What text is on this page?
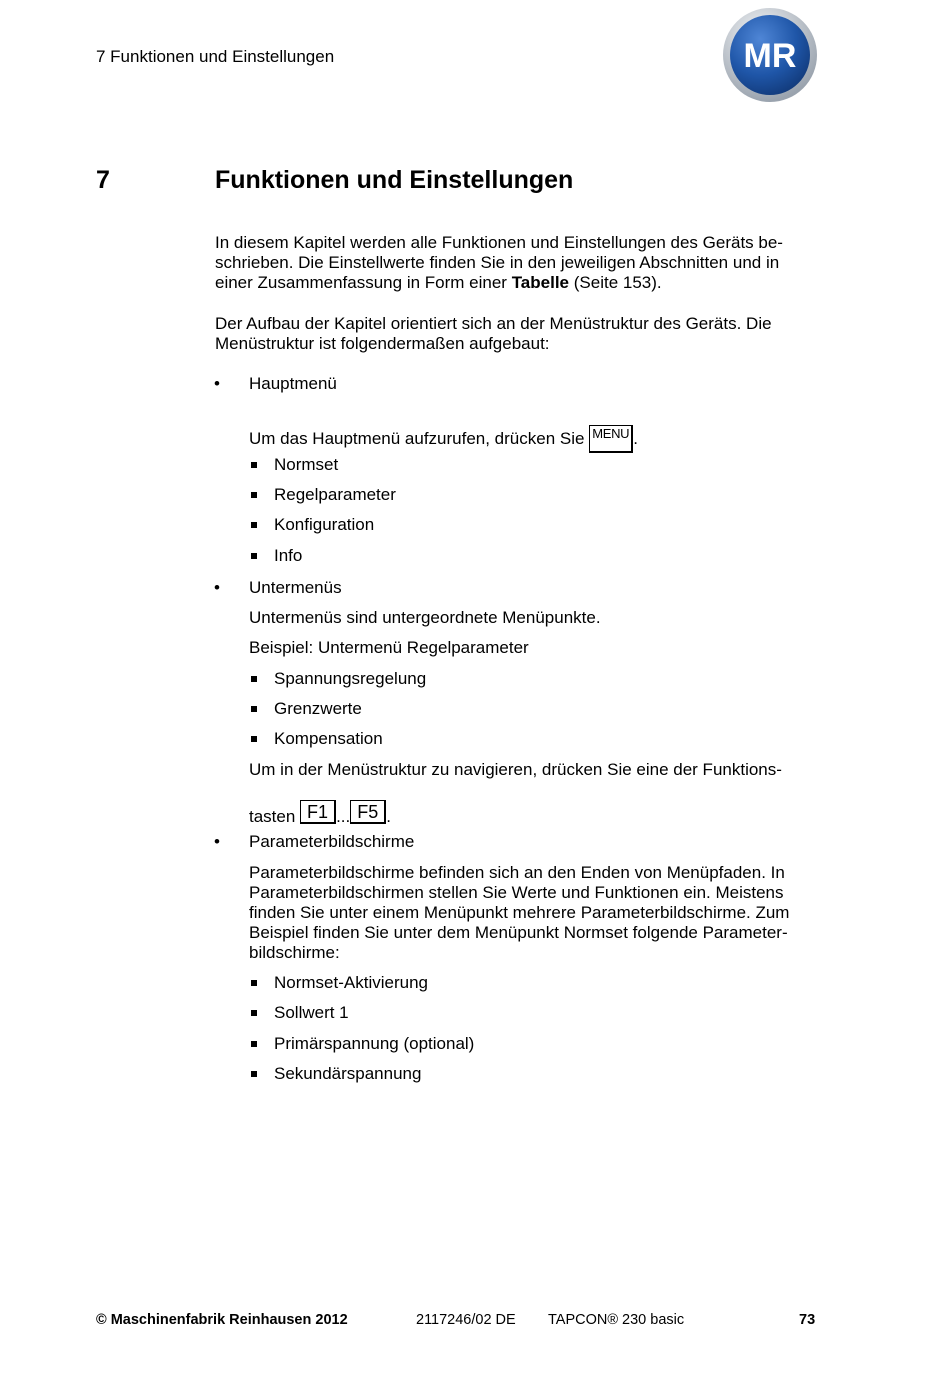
7 Funktionen und Einstellungen	MR
7	Funktionen und Einstellungen
In diesem Kapitel werden alle Funktionen und Einstellungen des Geräts be-
schrieben. Die Einstellwerte finden Sie in den jeweiligen Abschnitten und in
einer Zusammenfassung in Form einer Tabelle (Seite 153).
Der Aufbau der Kapitel orientiert sich an der Menüstruktur des Geräts. Die
Menüstruktur ist folgendermaßen aufgebaut:
• Hauptmenü
Um das Hauptmenü aufzurufen, drücken Sie MENU .
Normset
Regelparameter
Konfiguration
Info
• Untermenüs
Untermenüs sind untergeordnete Menüpunkte.
Beispiel: Untermenü Regelparameter
Spannungsregelung
Grenzwerte
Kompensation
Um in der Menüstruktur zu navigieren, drücken Sie eine der Funktions-
tasten F1 ... F5 .
• Parameterbildschirme
Parameterbildschirme befinden sich an den Enden von Menüpfaden. In
Parameterbildschirmen stellen Sie Werte und Funktionen ein. Meistens
finden Sie unter einem Menüpunkt mehrere Parameterbildschirme. Zum
Beispiel finden Sie unter dem Menüpunkt Normset folgende Parameter-
bildschirme:
Normset-Aktivierung
Sollwert 1
Primärspannung (optional)
Sekundärspannung
© Maschinenfabrik Reinhausen 2012	2117246/02 DE TAPCON® 230 basic	73
